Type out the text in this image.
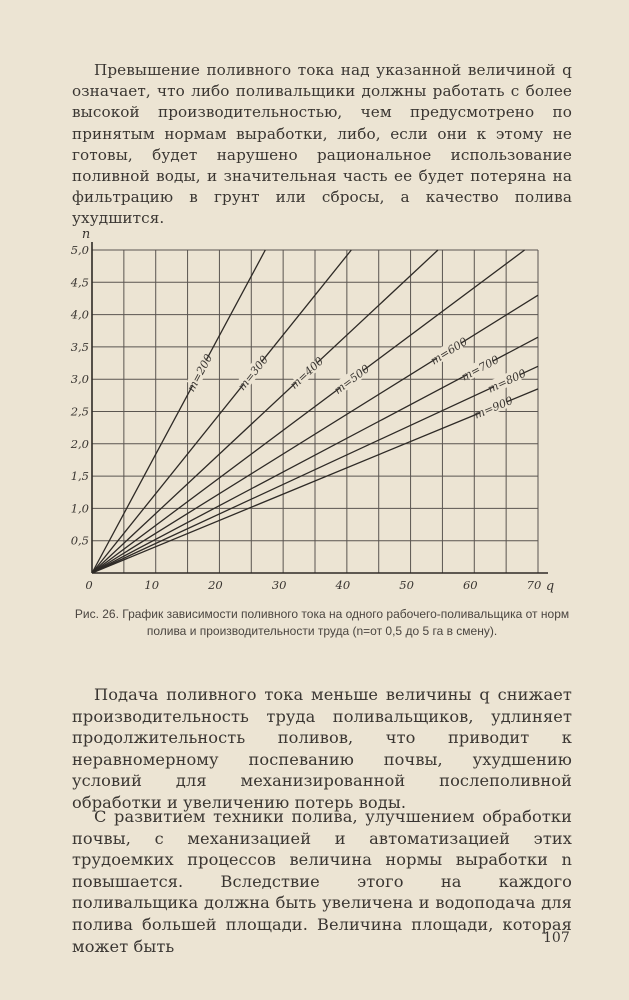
Превышение поливного тока над указанной величиной q означает, что либо поливальщики должны работать с более высокой производительностью, чем предусмотрено по принятым нормам выработки, либо, если они к этому не готовы, будет нарушено рациональное использование поливной воды, и значительная часть ее будет потеряна на фильтрацию в грунт или сбросы, а качество полива ухудшится.

0	10	20	30	40	50	60	70
0,5
1,0
1,5
2,0
2,5
3,0
3,5
4,0
4,5
5,0
n
q
m=200 m=300 m=400 m=500
m=600
m=700
m=800
m=900

Рис. 26. График зависимости поливного тока на одного рабочего-поливальщика от норм полива и производительности труда (n=от 0,5 до 5 га в смену).

Подача поливного тока меньше величины q снижает производительность труда поливальщиков, удлиняет продолжительность поливов, что приводит к неравномерному поспеванию почвы, ухудшению условий для механизированной послеполивной обработки и увеличению потерь воды.

С развитием техники полива, улучшением обработки почвы, с механизацией и автоматизацией этих трудоемких процессов величина нормы выработки n повышается. Вследствие этого на каждого поливальщика должна быть увеличена и водоподача для полива большей площади. Величина площади, которая может быть	107
